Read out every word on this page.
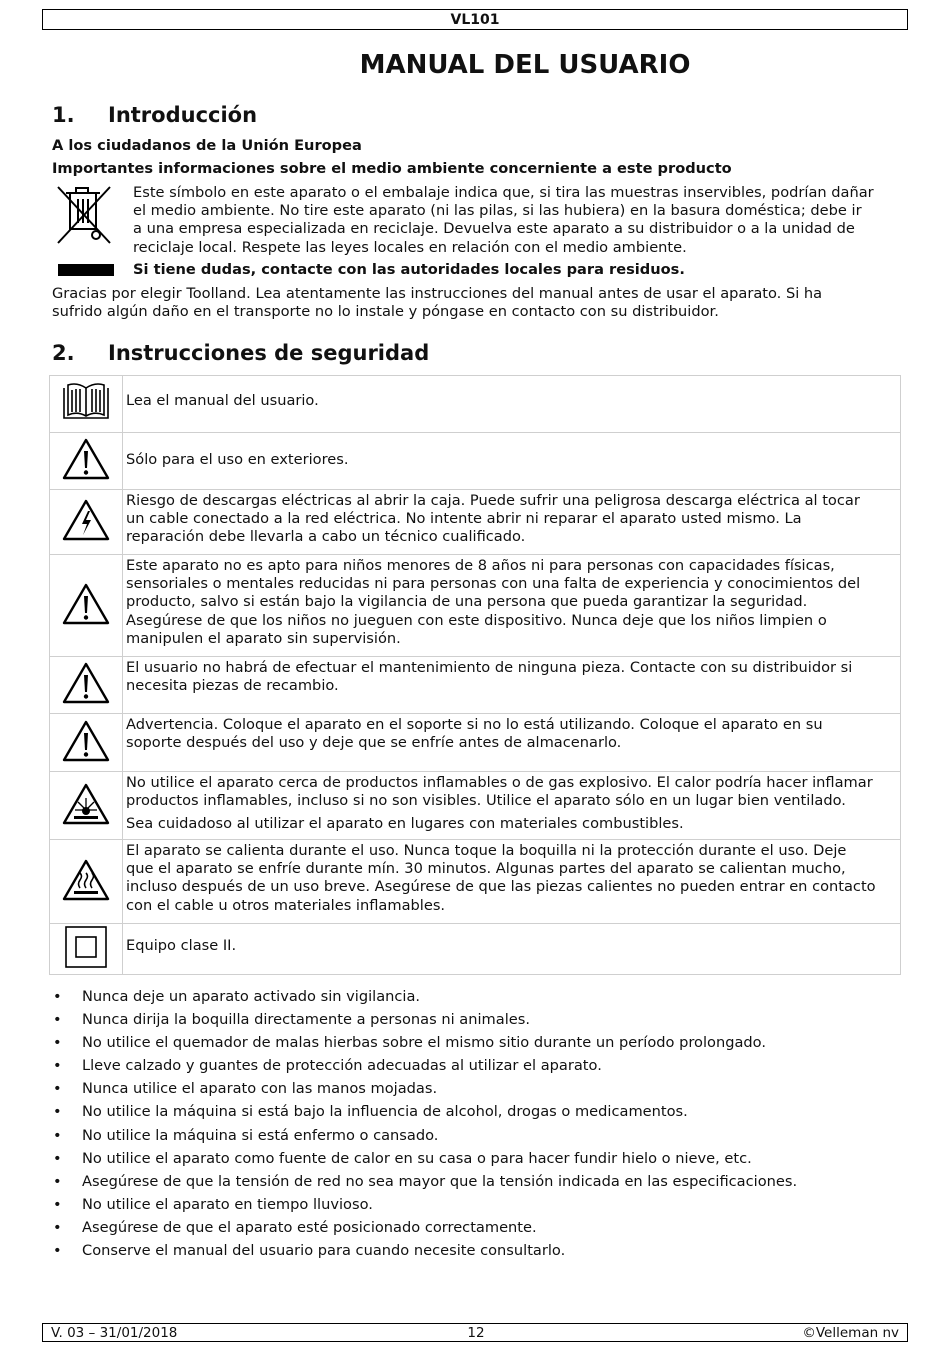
VL101
MANUAL DEL USUARIO
1. Introducción
A los ciudadanos de la Unión Europea
Importantes informaciones sobre el medio ambiente concerniente a este producto
Este símbolo en este aparato o el embalaje indica que, si tira las muestras inservibles, podrían dañar
el medio ambiente. No tire este aparato (ni las pilas, si las hubiera) en la basura doméstica; debe ir
a una empresa especializada en reciclaje. Devuelva este aparato a su distribuidor o a la unidad de
reciclaje local. Respete las leyes locales en relación con el medio ambiente.
Si tiene dudas, contacte con las autoridades locales para residuos.
Gracias por elegir Toolland. Lea atentamente las instrucciones del manual antes de usar el aparato. Si ha
sufrido algún daño en el transporte no lo instale y póngase en contacto con su distribuidor.
2. Instrucciones de seguridad
	Lea el manual del usuario.
	Sólo para el uso en exteriores.

Riesgo de descargas eléctricas al abrir la caja. Puede sufrir una peligrosa descarga eléctrica al tocar
un cable conectado a la red eléctrica. No intente abrir ni reparar el aparato usted mismo. La
reparación debe llevarla a cabo un técnico cualificado.

Este aparato no es apto para niños menores de 8 años ni para personas con capacidades físicas,
sensoriales o mentales reducidas ni para personas con una falta de experiencia y conocimientos del
producto, salvo si están bajo la vigilancia de una persona que pueda garantizar la seguridad.
Asegúrese de que los niños no jueguen con este dispositivo. Nunca deje que los niños limpien o
manipulen el aparato sin supervisión.

El usuario no habrá de efectuar el mantenimiento de ninguna pieza. Contacte con su distribuidor si
necesita piezas de recambio.

Advertencia. Coloque el aparato en el soporte si no lo está utilizando. Coloque el aparato en su
soporte después del uso y deje que se enfríe antes de almacenarlo.

No utilice el aparato cerca de productos inflamables o de gas explosivo. El calor podría hacer inflamar
productos inflamables, incluso si no son visibles. Utilice el aparato sólo en un lugar bien ventilado.
Sea cuidadoso al utilizar el aparato en lugares con materiales combustibles.

El aparato se calienta durante el uso. Nunca toque la boquilla ni la protección durante el uso. Deje
que el aparato se enfríe durante mín. 30 minutos. Algunas partes del aparato se calientan mucho,
incluso después de un uso breve. Asegúrese de que las piezas calientes no pueden entrar en contacto
con el cable u otros materiales inflamables.

	Equipo clase II.
• Nunca deje un aparato activado sin vigilancia.
• Nunca dirija la boquilla directamente a personas ni animales.
• No utilice el quemador de malas hierbas sobre el mismo sitio durante un período prolongado.
• Lleve calzado y guantes de protección adecuadas al utilizar el aparato.
• Nunca utilice el aparato con las manos mojadas.
• No utilice la máquina si está bajo la influencia de alcohol, drogas o medicamentos.
• No utilice la máquina si está enfermo o cansado.
• No utilice el aparato como fuente de calor en su casa o para hacer fundir hielo o nieve, etc.
• Asegúrese de que la tensión de red no sea mayor que la tensión indicada en las especificaciones.
• No utilice el aparato en tiempo lluvioso.
• Asegúrese de que el aparato esté posicionado correctamente.
• Conserve el manual del usuario para cuando necesite consultarlo.
V. 03 – 31/01/2018	12	©Velleman nv
